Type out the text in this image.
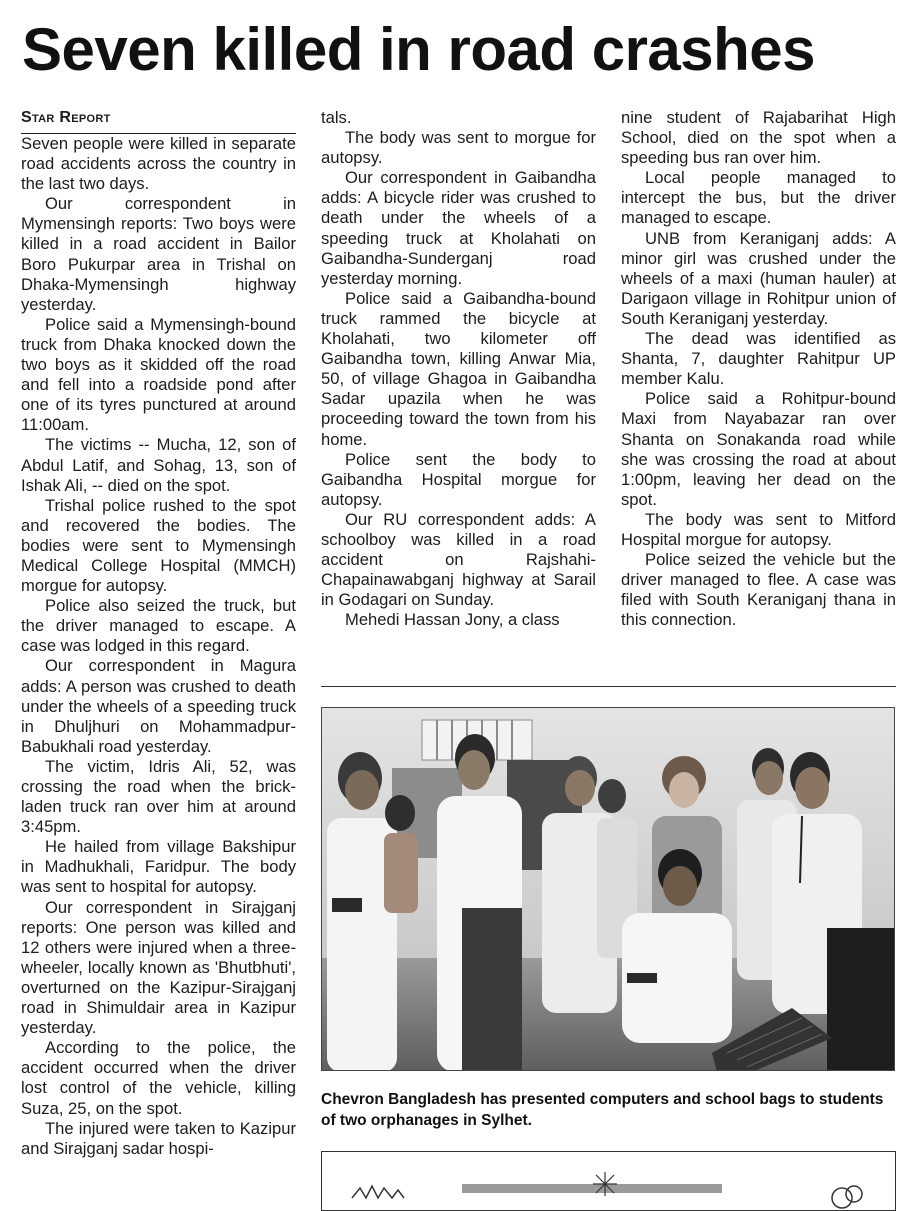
Seven killed in road crashes

Star Report

Seven people were killed in separate road accidents across the country in the last two days.

Our correspondent in Mymensingh reports: Two boys were killed in a road accident in Bailor Boro Pukurpar area in Trishal on Dhaka-Mymensingh highway yesterday.

Police said a Mymensingh-bound truck from Dhaka knocked down the two boys as it skidded off the road and fell into a roadside pond after one of its tyres punctured at around 11:00am.

The victims -- Mucha, 12, son of Abdul Latif, and Sohag, 13, son of Ishak Ali, -- died on the spot.

Trishal police rushed to the spot and recovered the bodies. The bodies were sent to Mymensingh Medical College Hospital (MMCH) morgue for autopsy.

Police also seized the truck, but the driver managed to escape. A case was lodged in this regard.

Our correspondent in Magura adds: A person was crushed to death under the wheels of a speeding truck in Dhuljhuri on Mohammadpur-Babukhali road yesterday.

The victim, Idris Ali, 52, was crossing the road when the brick-laden truck ran over him at around 3:45pm.

He hailed from village Bakshipur in Madhukhali, Faridpur. The body was sent to hospital for autopsy.

Our correspondent in Sirajganj reports: One person was killed and 12 others were injured when a three-wheeler, locally known as 'Bhutbhuti', overturned on the Kazipur-Sirajganj road in Shimuldair area in Kazipur yesterday.

According to the police, the accident occurred when the driver lost control of the vehicle, killing Suza, 25, on the spot.

The injured were taken to Kazipur and Sirajganj sadar hospi-

tals.

The body was sent to morgue for autopsy.

Our correspondent in Gaibandha adds: A bicycle rider was crushed to death under the wheels of a speeding truck at Kholahati on Gaibandha-Sunderganj road yesterday morning.

Police said a Gaibandha-bound truck rammed the bicycle at Kholahati, two kilometer off Gaibandha town, killing Anwar Mia, 50, of village Ghagoa in Gaibandha Sadar upazila when he was proceeding toward the town from his home.

Police sent the body to Gaibandha Hospital morgue for autopsy.

Our RU correspondent adds: A schoolboy was killed in a road accident on Rajshahi-Chapainawabganj highway at Sarail in Godagari on Sunday.

Mehedi Hassan Jony, a class

nine student of Rajabarihat High School, died on the spot when a speeding bus ran over him.

Local people managed to intercept the bus, but the driver managed to escape.

UNB from Keraniganj adds: A minor girl was crushed under the wheels of a maxi (human hauler) at Darigaon village in Rohitpur union of South Keraniganj yesterday.

The dead was identified as Shanta, 7, daughter Rahitpur UP member Kalu.

Police said a Rohitpur-bound Maxi from Nayabazar ran over Shanta on Sonakanda road while she was crossing the road at about 1:00pm, leaving her dead on the spot.

The body was sent to Mitford Hospital morgue for autopsy.

Police seized the vehicle but the driver managed to flee. A case was filed with South Keraniganj thana in this connection.

Chevron Bangladesh has presented computers and school bags to students of two orphanages in Sylhet.
